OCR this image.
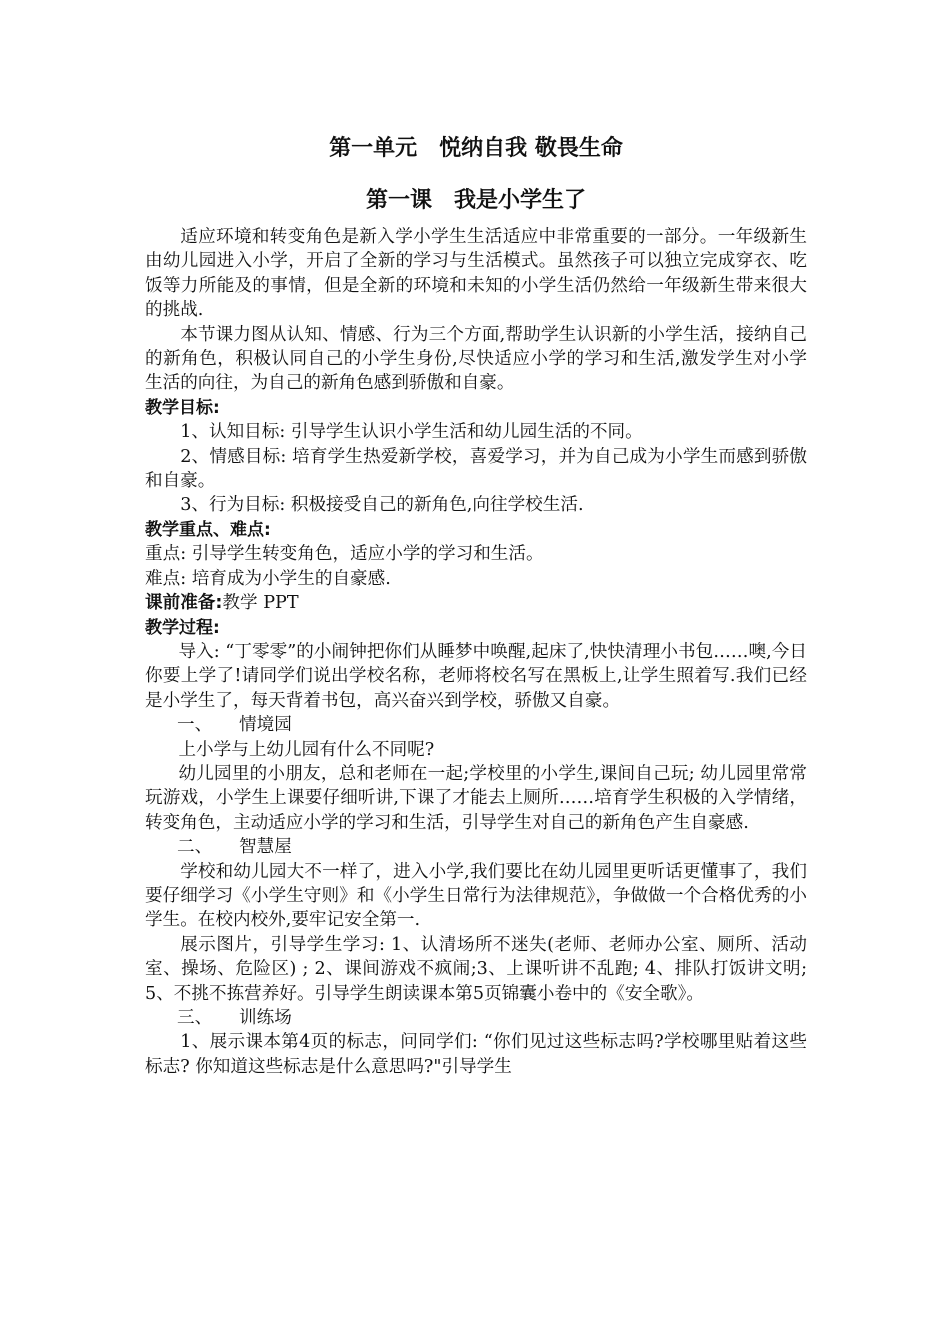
第一单元　悦纳自我 敬畏生命
第一课　我是小学生了

适应环境和转变角色是新入学小学生生活适应中非常重要的一部分。一年级新生由幼儿园进入小学，开启了全新的学习与生活模式。虽然孩子可以独立完成穿衣、吃饭等力所能及的事情，但是全新的环境和未知的小学生活仍然给一年级新生带来很大的挑战.

本节课力图从认知、情感、行为三个方面,帮助学生认识新的小学生活，接纳自己的新角色，积极认同自己的小学生身份,尽快适应小学的学习和生活,激发学生对小学生活的向往，为自己的新角色感到骄傲和自豪。

教学目标:

1、认知目标: 引导学生认识小学生活和幼儿园生活的不同。

2、情感目标: 培育学生热爱新学校，喜爱学习，并为自己成为小学生而感到骄傲和自豪。

3、行为目标: 积极接受自己的新角色,向往学校生活.

教学重点、难点:

重点: 引导学生转变角色，适应小学的学习和生活。

难点: 培育成为小学生的自豪感.

课前准备:教学 PPT

教学过程:

导入: “丁零零”的小闹钟把你们从睡梦中唤醒,起床了,快快清理小书包……噢,今日你要上学了!请同学们说出学校名称，老师将校名写在黑板上,让学生照着写.我们已经是小学生了，每天背着书包，高兴奋兴到学校，骄傲又自豪。

一、 情境园

上小学与上幼儿园有什么不同呢?

幼儿园里的小朋友，总和老师在一起;学校里的小学生,课间自己玩; 幼儿园里常常玩游戏，小学生上课要仔细听讲,下课了才能去上厕所……培育学生积极的入学情绪，转变角色，主动适应小学的学习和生活，引导学生对自己的新角色产生自豪感.

二、 智慧屋

学校和幼儿园大不一样了，进入小学,我们要比在幼儿园里更听话更懂事了，我们要仔细学习《小学生守则》和《小学生日常行为法律规范》，争做做一个合格优秀的小学生。在校内校外,要牢记安全第一.

展示图片，引导学生学习: 1、认清场所不迷失(老师、老师办公室、厕所、活动室、操场、危险区) ; 2、课间游戏不疯闹;3、上课听讲不乱跑; 4、排队打饭讲文明; 5、不挑不拣营养好。引导学生朗读课本第5页锦囊小卷中的《安全歌》。

三、 训练场

1、展示课本第4页的标志，问同学们: “你们见过这些标志吗?学校哪里贴着这些标志? 你知道这些标志是什么意思吗?"引导学生
